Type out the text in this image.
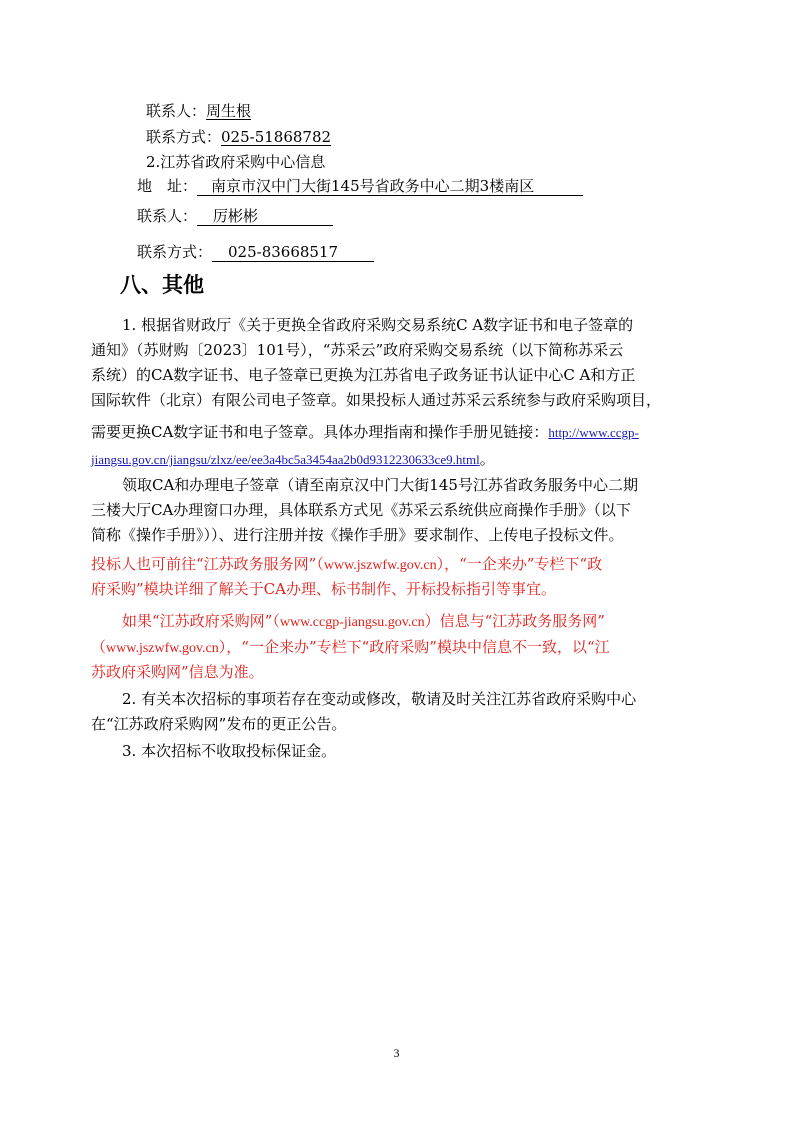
联系人：周生根
联系方式：025-51868782
2.江苏省政府采购中心信息
地　址： 南京市汉中门大街145号省政务中心二期3楼南区
联系人： 厉彬彬
联系方式： 025-83668517
八、其他
1. 根据省财政厅《关于更换全省政府采购交易系统C A数字证书和电子签章的
通知》（苏财购〔2023〕101号），“苏采云”政府采购交易系统（以下简称苏采云
系统）的CA数字证书、电子签章已更换为江苏省电子政务证书认证中心C A和方正
国际软件（北京）有限公司电子签章。如果投标人通过苏采云系统参与政府采购项目，
需要更换CA数字证书和电子签章。具体办理指南和操作手册见链接：http://www.ccgp-
jiangsu.gov.cn/jiangsu/zlxz/ee/ee3a4bc5a3454aa2b0d9312230633ce9.html。
领取CA和办理电子签章（请至南京汉中门大街145号江苏省政务服务中心二期
三楼大厅CA办理窗口办理，具体联系方式见《苏采云系统供应商操作手册》（以下
简称《操作手册》））、进行注册并按《操作手册》要求制作、上传电子投标文件。
投标人也可前往“江苏政务服务网”（www.jszwfw.gov.cn），“一企来办”专栏下“政
府采购”模块详细了解关于CA办理、标书制作、开标投标指引等事宜。
如果“江苏政府采购网”（www.ccgp-jiangsu.gov.cn）信息与“江苏政务服务网”
（www.jszwfw.gov.cn），“一企来办”专栏下“政府采购”模块中信息不一致，以“江
苏政府采购网”信息为准。
2. 有关本次招标的事项若存在变动或修改，敬请及时关注江苏省政府采购中心
在“江苏政府采购网”发布的更正公告。
3. 本次招标不收取投标保证金。
3
